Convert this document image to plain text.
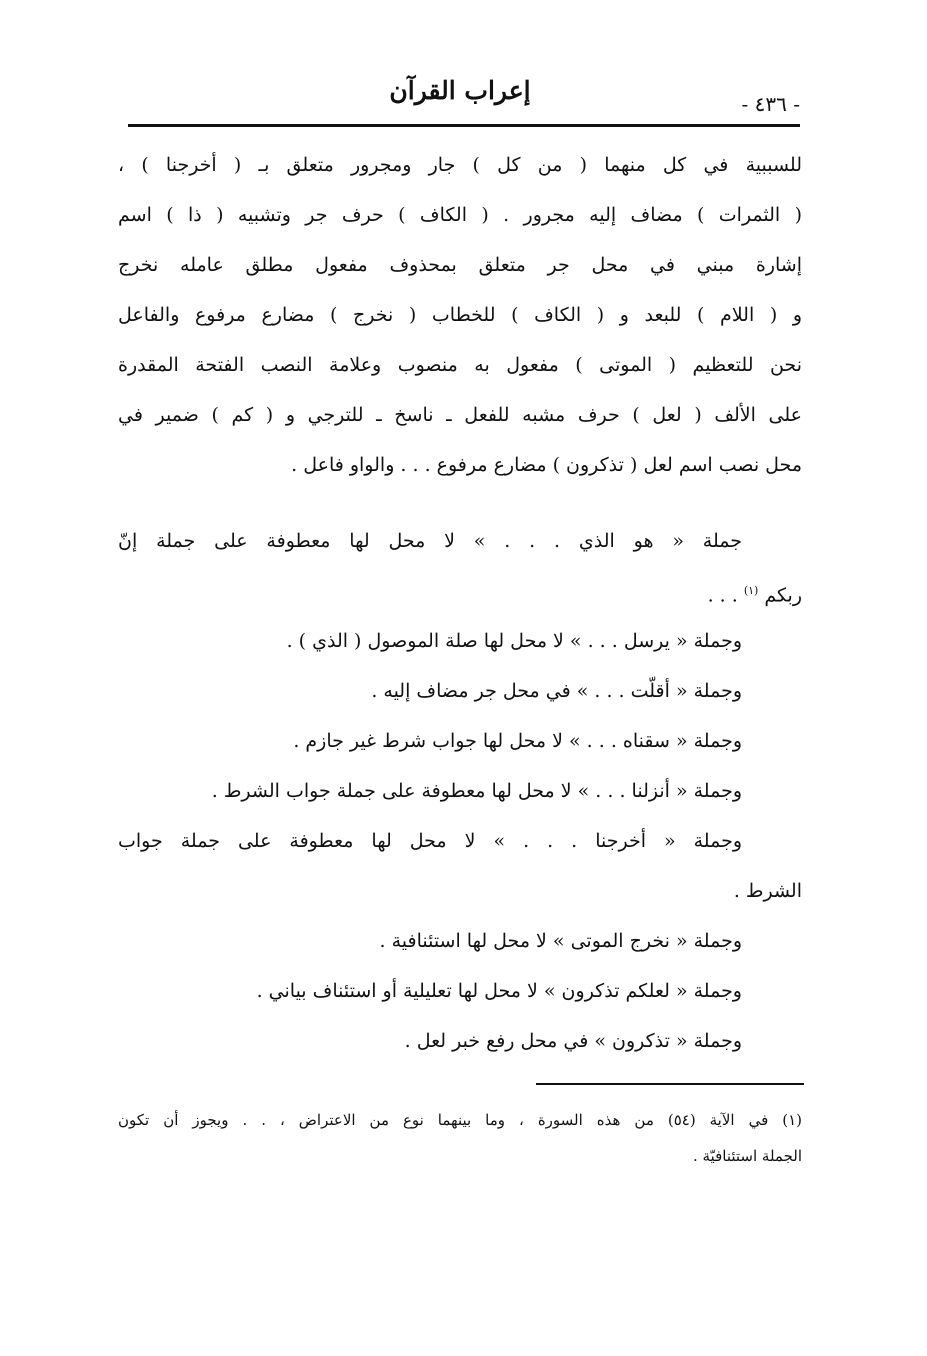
إعراب القرآن	- ٤٣٦ -
للسببية في كل منهما ( من كل ) جار ومجرور متعلق بـ ( أخرجنا ) ،
( الثمرات ) مضاف إليه مجرور . ( الكاف ) حرف جر وتشبيه ( ذا ) اسم
إشارة مبني في محل جر متعلق بمحذوف مفعول مطلق عامله نخرج
و ( اللام ) للبعد و ( الكاف ) للخطاب ( نخرج ) مضارع مرفوع والفاعل
نحن للتعظيم ( الموتى ) مفعول به منصوب وعلامة النصب الفتحة المقدرة
على الألف ( لعل ) حرف مشبه للفعل ـ ناسخ ـ للترجي و ( كم ) ضمير في
محل نصب اسم لعل ( تذكرون ) مضارع مرفوع . . . والواو فاعل .
جملة « هو الذي . . . » لا محل لها معطوفة على جملة إنّ
ربكم $^{(١)}$ . . .
وجملة « يرسل . . . » لا محل لها صلة الموصول ( الذي ) .
وجملة « أقلّت . . . » في محل جر مضاف إليه .
وجملة « سقناه . . . » لا محل لها جواب شرط غير جازم .
وجملة « أنزلنا . . . » لا محل لها معطوفة على جملة جواب الشرط .
وجملة « أخرجنا . . . » لا محل لها معطوفة على جملة جواب
الشرط .
وجملة « نخرج الموتى » لا محل لها استئنافية .
وجملة « لعلكم تذكرون » لا محل لها تعليلية أو استئناف بياني .
وجملة « تذكرون » في محل رفع خبر لعل .
(١) في الآية (٥٤) من هذه السورة ، وما بينهما نوع من الاعتراض ، . . ويجوز أن تكون
الجملة استئنافيّة .
